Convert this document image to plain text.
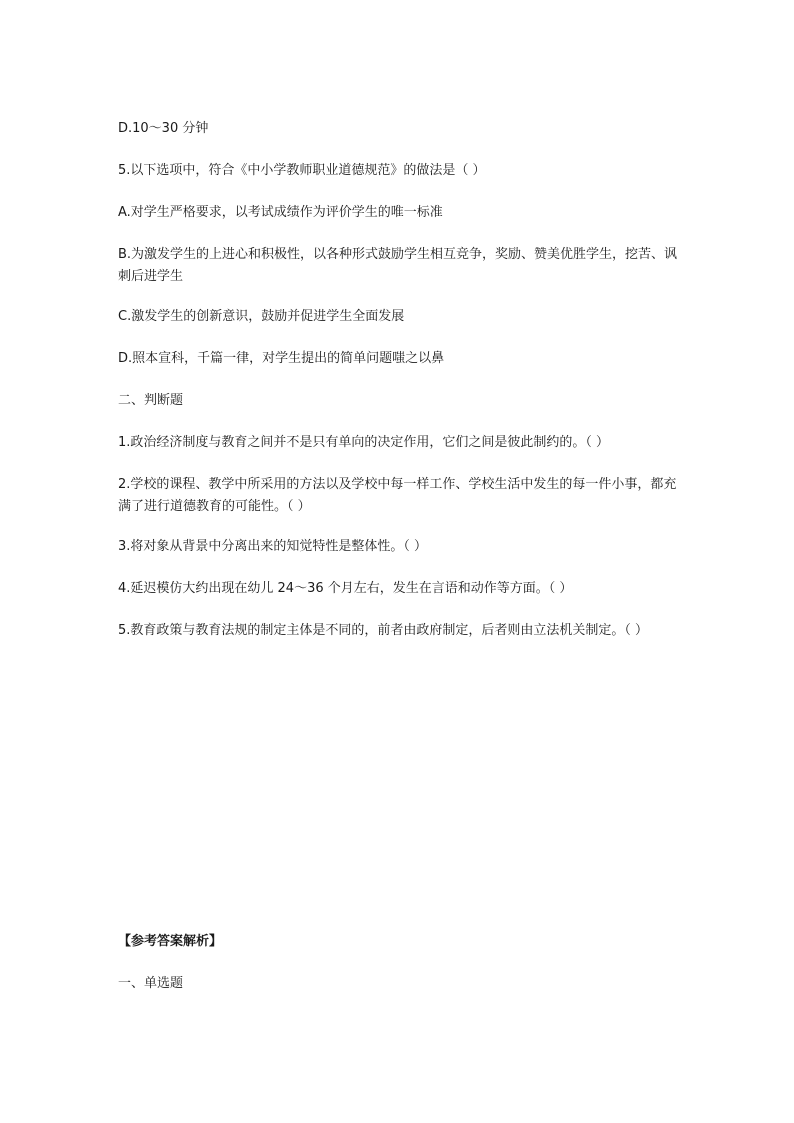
D.10～30 分钟

5.以下选项中，符合《中小学教师职业道德规范》的做法是（ ）

A.对学生严格要求，以考试成绩作为评价学生的唯一标准

B.为激发学生的上进心和积极性，以各种形式鼓励学生相互竞争，奖励、赞美优胜学生，挖苦、讽刺后进学生

C.激发学生的创新意识，鼓励并促进学生全面发展

D.照本宣科，千篇一律，对学生提出的简单问题嗤之以鼻

二、判断题

1.政治经济制度与教育之间并不是只有单向的决定作用，它们之间是彼此制约的。（ ）

2.学校的课程、教学中所采用的方法以及学校中每一样工作、学校生活中发生的每一件小事，都充满了进行道德教育的可能性。（ ）

3.将对象从背景中分离出来的知觉特性是整体性。（ ）

4.延迟模仿大约出现在幼儿 24～36 个月左右，发生在言语和动作等方面。（ ）

5.教育政策与教育法规的制定主体是不同的，前者由政府制定，后者则由立法机关制定。（ ）

【参考答案解析】

一、单选题
